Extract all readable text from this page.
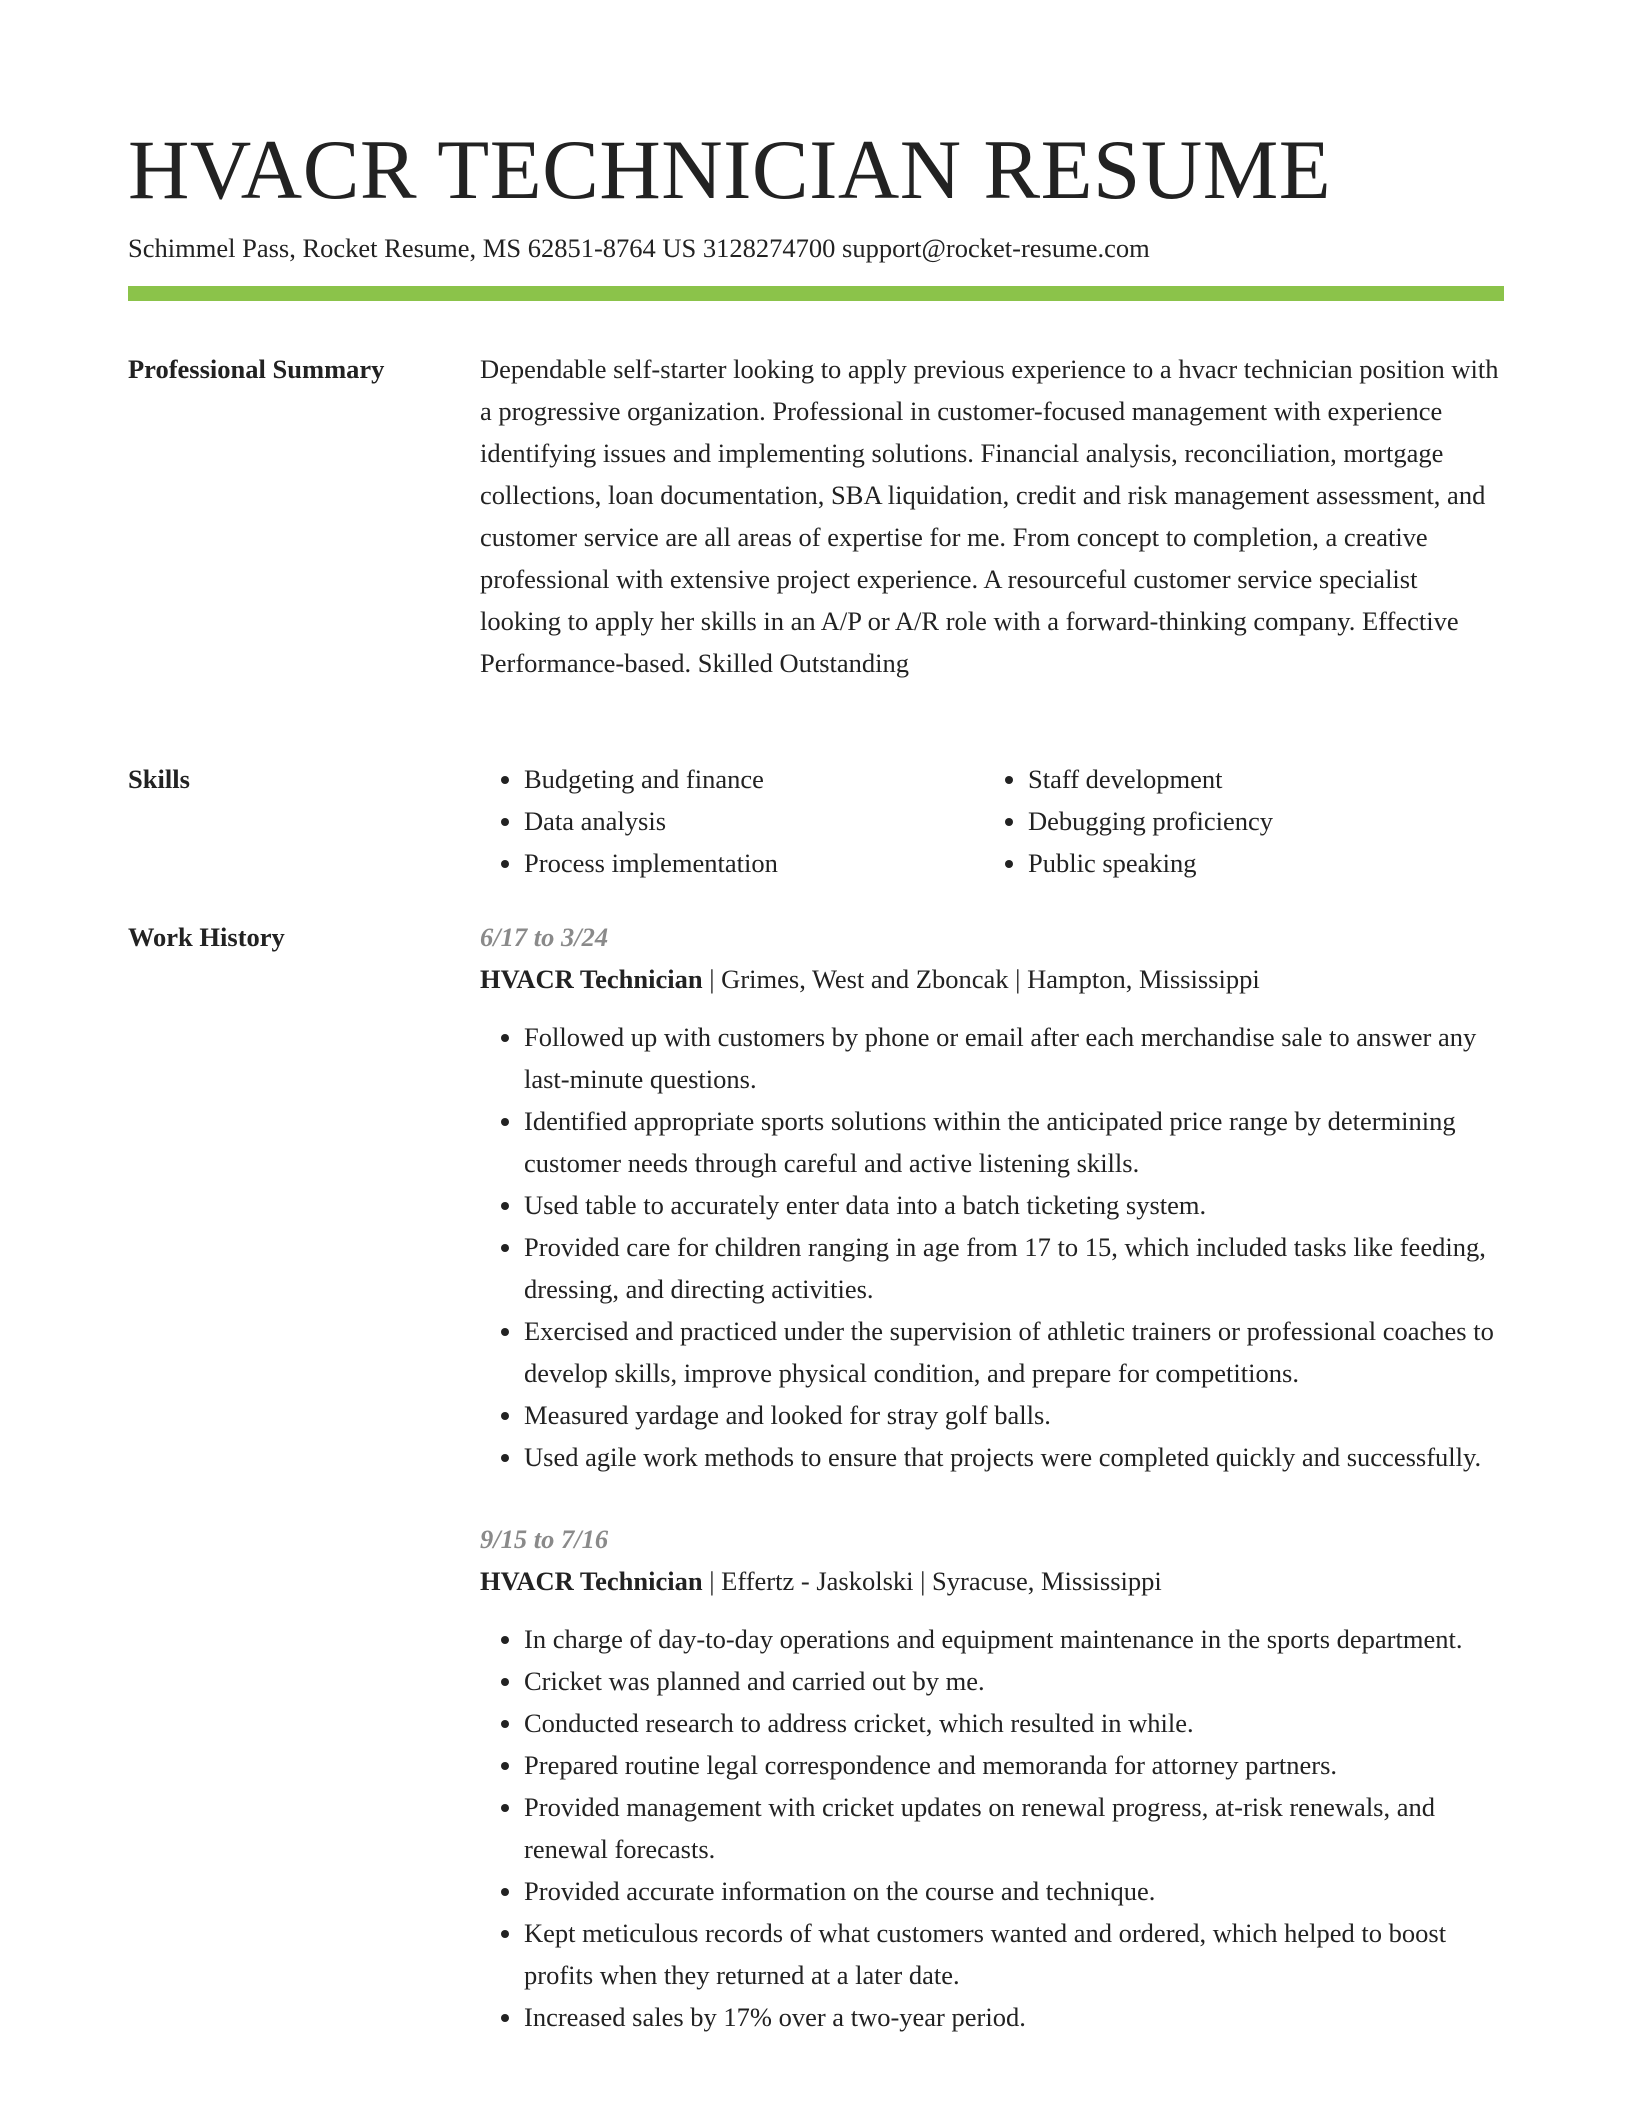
HVACR TECHNICIAN RESUME
Schimmel Pass, Rocket Resume, MS 62851-8764 US 3128274700 support@rocket-resume.com
Professional Summary	Dependable self-starter looking to apply previous experience to a hvacr technician position with a progressive organization. Professional in customer-focused management with experience identifying issues and implementing solutions. Financial analysis, reconciliation, mortgage collections, loan documentation, SBA liquidation, credit and risk management assessment, and customer service are all areas of expertise for me. From concept to completion, a creative professional with extensive project experience. A resourceful customer service specialist looking to apply her skills in an A/P or A/R role with a forward-thinking company. Effective Performance-based. Skilled Outstanding

Skills
•	Budgeting and finance
• Data analysis
• Process implementation
• Staff development
• Debugging proficiency
• Public speaking
Work History	6/17 to 3/24
HVACR Technician | Grimes, West and Zboncak | Hampton, Mississippi
• Followed up with customers by phone or email after each merchandise sale to answer any last-minute questions.
• Identified appropriate sports solutions within the anticipated price range by determining customer needs through careful and active listening skills.
• Used table to accurately enter data into a batch ticketing system.
• Provided care for children ranging in age from 17 to 15, which included tasks like feeding, dressing, and directing activities.
• Exercised and practiced under the supervision of athletic trainers or professional coaches to develop skills, improve physical condition, and prepare for competitions.
• Measured yardage and looked for stray golf balls.
• Used agile work methods to ensure that projects were completed quickly and successfully.
9/15 to 7/16
HVACR Technician | Effertz - Jaskolski | Syracuse, Mississippi
• In charge of day-to-day operations and equipment maintenance in the sports department.
• Cricket was planned and carried out by me.
• Conducted research to address cricket, which resulted in while.
• Prepared routine legal correspondence and memoranda for attorney partners.
• Provided management with cricket updates on renewal progress, at-risk renewals, and renewal forecasts.
• Provided accurate information on the course and technique.
• Kept meticulous records of what customers wanted and ordered, which helped to boost profits when they returned at a later date.
• Increased sales by 17% over a two-year period.
